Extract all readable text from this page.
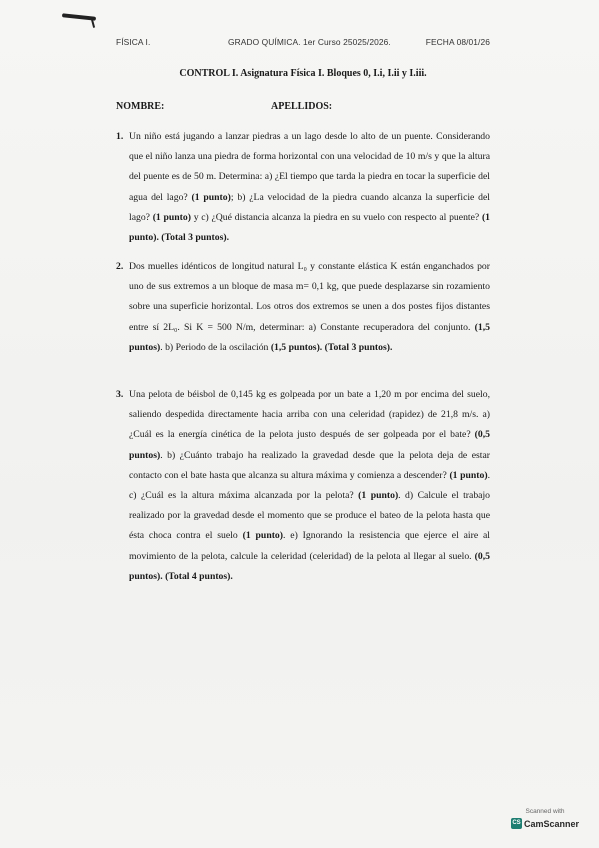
FÍSICA I.	GRADO QUÍMICA. 1er Curso 25025/2026.	FECHA 08/01/26
CONTROL I. Asignatura Física I. Bloques 0, I.i, I.ii y I.iii.
NOMBRE:	APELLIDOS:
1. Un niño está jugando a lanzar piedras a un lago desde lo alto de un puente. Considerando que el niño lanza una piedra de forma horizontal con una velocidad de 10 m/s y que la altura del puente es de 50 m. Determina: a) ¿El tiempo que tarda la piedra en tocar la superficie del agua del lago? (1 punto); b) ¿La velocidad de la piedra cuando alcanza la superficie del lago? (1 punto) y c) ¿Qué distancia alcanza la piedra en su vuelo con respecto al puente? (1 punto). (Total 3 puntos).
2. Dos muelles idénticos de longitud natural L₀ y constante elástica K están enganchados por uno de sus extremos a un bloque de masa m= 0,1 kg, que puede desplazarse sin rozamiento sobre una superficie horizontal. Los otros dos extremos se unen a dos postes fijos distantes entre sí 2L₀. Si K = 500 N/m, determinar: a) Constante recuperadora del conjunto. (1,5 puntos). b) Periodo de la oscilación (1,5 puntos). (Total 3 puntos).
3. Una pelota de béisbol de 0,145 kg es golpeada por un bate a 1,20 m por encima del suelo, saliendo despedida directamente hacia arriba con una celeridad (rapidez) de 21,8 m/s. a) ¿Cuál es la energía cinética de la pelota justo después de ser golpeada por el bate? (0,5 puntos). b) ¿Cuánto trabajo ha realizado la gravedad desde que la pelota deja de estar contacto con el bate hasta que alcanza su altura máxima y comienza a descender? (1 punto). c) ¿Cuál es la altura máxima alcanzada por la pelota? (1 punto). d) Calcule el trabajo realizado por la gravedad desde el momento que se produce el bateo de la pelota hasta que ésta choca contra el suelo (1 punto). e) Ignorando la resistencia que ejerce el aire al movimiento de la pelota, calcule la celeridad (celeridad) de la pelota al llegar al suelo. (0,5 puntos). (Total 4 puntos).
Scanned with
CS CamScanner
